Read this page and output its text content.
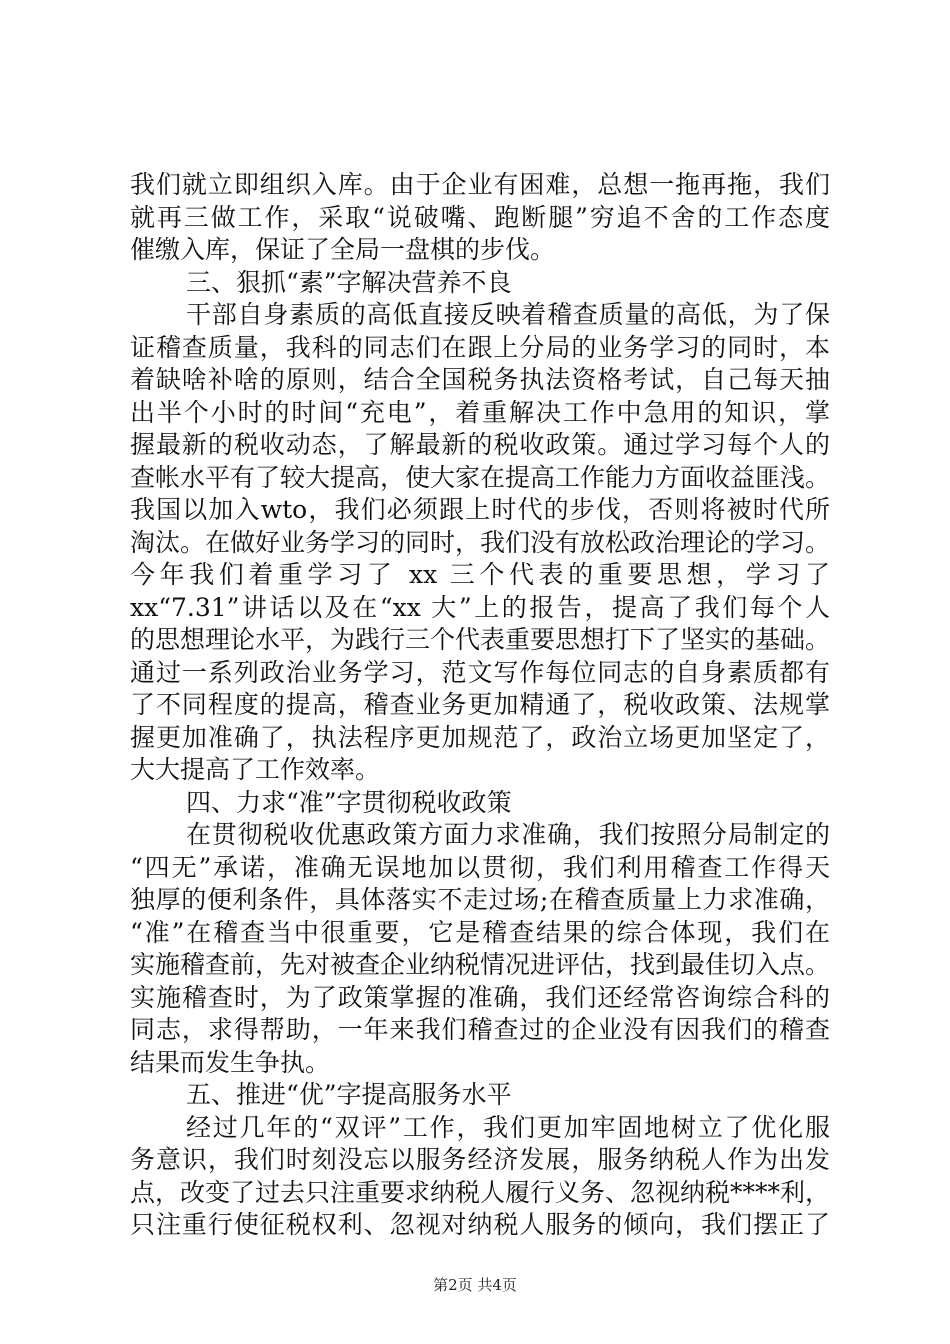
我们就立即组织入库。由于企业有困难，总想一拖再拖，我们
就再三做工作，采取“说破嘴、跑断腿”穷追不舍的工作态度
催缴入库，保证了全局一盘棋的步伐。
三、狠抓“素”字解决营养不良
干部自身素质的高低直接反映着稽查质量的高低，为了保
证稽查质量，我科的同志们在跟上分局的业务学习的同时，本
着缺啥补啥的原则，结合全国税务执法资格考试，自己每天抽
出半个小时的时间“充电”，着重解决工作中急用的知识，掌
握最新的税收动态，了解最新的税收政策。通过学习每个人的
查帐水平有了较大提高，使大家在提高工作能力方面收益匪浅。
我国以加入wto，我们必须跟上时代的步伐，否则将被时代所
淘汰。在做好业务学习的同时，我们没有放松政治理论的学习。
今年我们着重学习了 xx 三个代表的重要思想，学习了
xx“7.31”讲话以及在“xx 大”上的报告，提高了我们每个人
的思想理论水平，为践行三个代表重要思想打下了坚实的基础。
通过一系列政治业务学习，范文写作每位同志的自身素质都有
了不同程度的提高，稽查业务更加精通了，税收政策、法规掌
握更加准确了，执法程序更加规范了，政治立场更加坚定了，
大大提高了工作效率。
四、力求“准”字贯彻税收政策
在贯彻税收优惠政策方面力求准确，我们按照分局制定的
“四无”承诺，准确无误地加以贯彻，我们利用稽查工作得天
独厚的便利条件，具体落实不走过场;在稽查质量上力求准确，
“准”在稽查当中很重要，它是稽查结果的综合体现，我们在
实施稽查前，先对被查企业纳税情况进评估，找到最佳切入点。
实施稽查时，为了政策掌握的准确，我们还经常咨询综合科的
同志，求得帮助，一年来我们稽查过的企业没有因我们的稽查
结果而发生争执。
五、推进“优”字提高服务水平
经过几年的“双评”工作，我们更加牢固地树立了优化服
务意识，我们时刻没忘以服务经济发展，服务纳税人作为出发
点，改变了过去只注重要求纳税人履行义务、忽视纳税****利，
只注重行使征税权利、忽视对纳税人服务的倾向，我们摆正了
第2页 共4页
